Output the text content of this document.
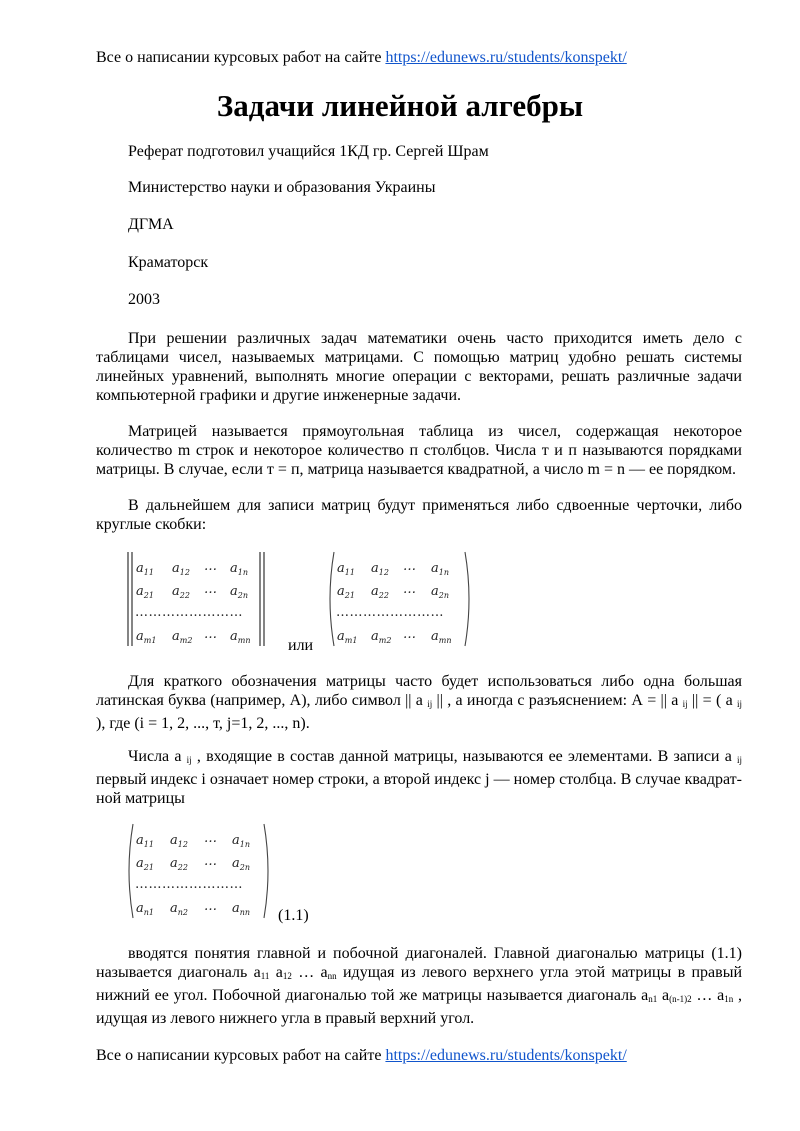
Все о написании курсовых работ на сайте https://edunews.ru/students/konspekt/
Задачи линейной алгебры
Реферат подготовил учащийся 1КД гр. Сергей Шрам
Министерство науки и образования Украины
ДГМА
Краматорск
2003
При решении различных задач математики очень часто приходится иметь дело с таблицами чисел, называемых матрицами. С помощью матриц удобно решать системы линейных уравнений, выполнять многие операции с векторами, решать различные задачи компьютерной графики и другие инженерные задачи.
Матрицей называется прямоугольная таблица из чисел, содержащая некоторое количество m строк и некоторое количество п столбцов. Числа т и п называются порядками матрицы. В случае, если т = п, матрица называется квадратной, а число m = n — ее порядком.
В дальнейшем для записи матриц будут применяться либо сдвоенные черточки, либо круглые скобки:
$a_{11}$ $a_{12}$ … $a_{1n}$
$a_{21}$ $a_{22}$ … $a_{2n}$
……………………
$a_{m1}$ $a_{m2}$ … $a_{mn}$ или
$a_{11}$ $a_{12}$ … $a_{1n}$
$a_{21}$ $a_{22}$ … $a_{2n}$
……………………
$a_{m1}$ $a_{m2}$ … $a_{mn}$
Для краткого обозначения матрицы часто будет использоваться либо одна большая латинская буква (например, А), либо символ || a $_{ij}$ || , а иногда с разъяснением: А = || a $_{ij}$ || = ( a $_{ij}$ ), где (i = 1, 2, ..., т, j=1, 2, ..., n).
Числа a $_{ij}$ , входящие в состав данной матрицы, называются ее элементами. В записи a $_{ij}$ первый индекс і означает номер строки, а второй индекс j — номер столбца. В случае квадрат-ной матрицы
$a_{11}$ $a_{12}$ … $a_{1n}$
$a_{21}$ $a_{22}$ … $a_{2n}$
……………………
$a_{n1}$ $a_{n2}$ … $a_{nn}$ (1.1)
вводятся понятия главной и побочной диагоналей. Главной диагональю матрицы (1.1) называется диагональ $a_{11}$ $a_{12}$ … $a_{nn}$ идущая из левого верхнего угла этой матрицы в правый нижний ее угол. Побочной диагональю той же матрицы называется диагональ $a_{n1}$ $a_{(n-1)2}$ … $a_{1n}$ , идущая из левого нижнего угла в правый верхний угол.
Все о написании курсовых работ на сайте https://edunews.ru/students/konspekt/
